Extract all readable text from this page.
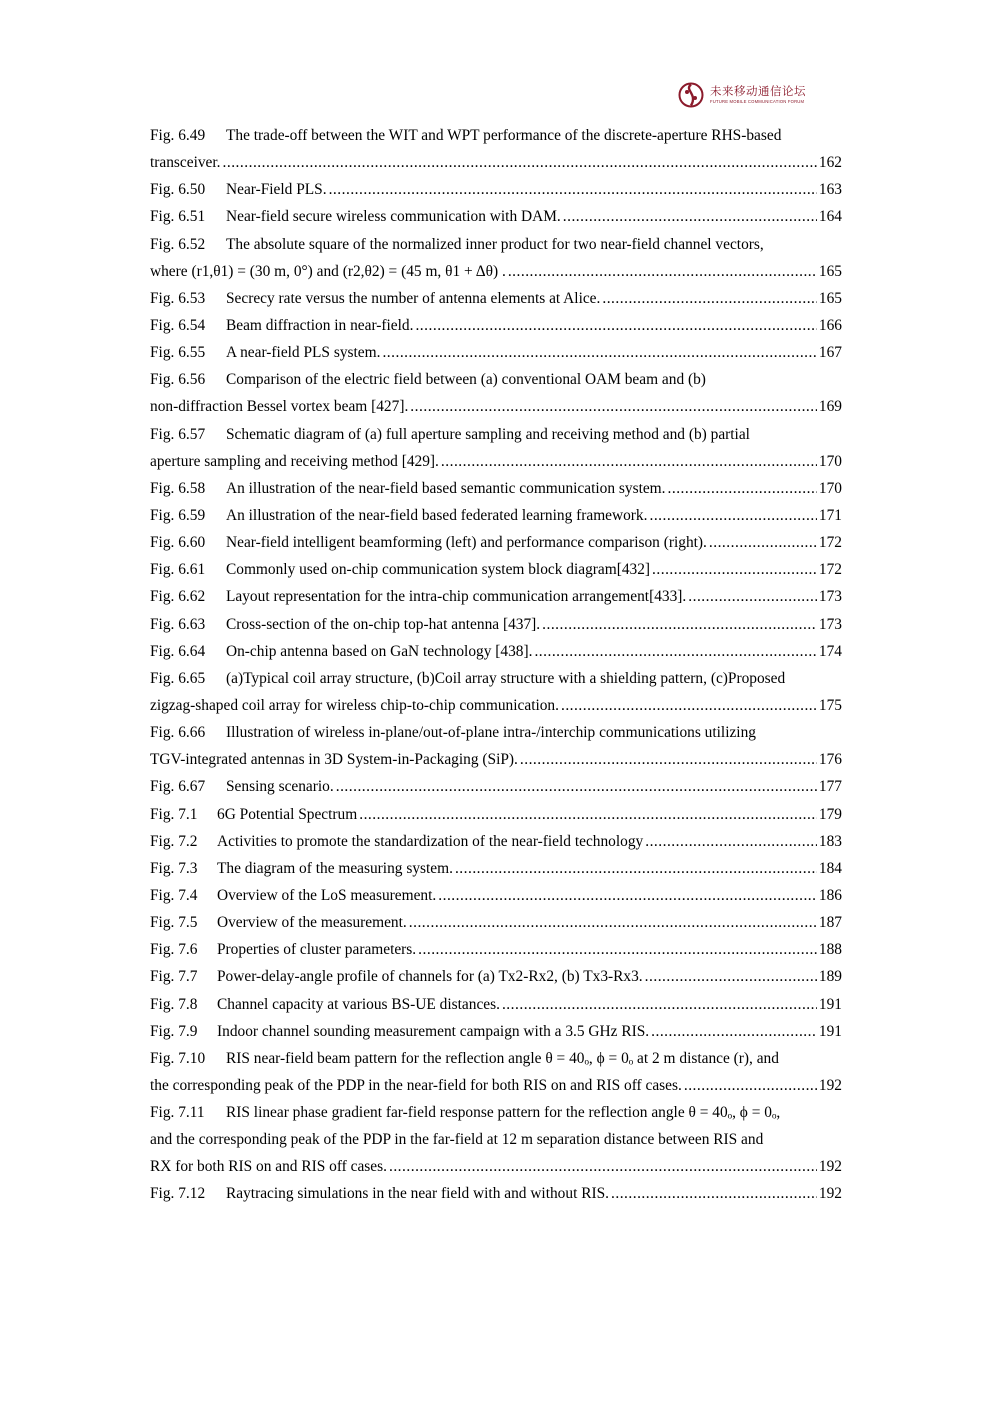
未来移动通信论坛
FUTURE MOBILE COMMUNICATION FORUM
Fig. 6.49 The trade-off between the WIT and WPT performance of the discrete-aperture RHS-based
transceiver. .....	162
Fig. 6.50	Near-Field PLS. .....	163
Fig. 6.51	Near-field secure wireless communication with DAM. .....	164
Fig. 6.52 The absolute square of the normalized inner product for two near-field channel vectors,
where (r1,θ1) = (30 m, 0°) and (r2,θ2) = (45 m, θ1 + Δθ) . .....	165
Fig. 6.53	Secrecy rate versus the number of antenna elements at Alice. .....	165
Fig. 6.54	Beam diffraction in near-field. .....	166
Fig. 6.55	A near-field PLS system. .....	167
Fig. 6.56 Comparison of the electric field between (a) conventional OAM beam and (b)
non-diffraction Bessel vortex beam [427]. .....	169
Fig. 6.57 Schematic diagram of (a) full aperture sampling and receiving method and (b) partial
aperture sampling and receiving method [429]. .....	170
Fig. 6.58	An illustration of the near-field based semantic communication system. .....	170
Fig. 6.59	An illustration of the near-field based federated learning framework. .....	171
Fig. 6.60	Near-field intelligent beamforming (left) and performance comparison (right). .....	172
Fig. 6.61	Commonly used on-chip communication system block diagram[432] .....	172
Fig. 6.62	Layout representation for the intra-chip communication arrangement[433]. .....	173
Fig. 6.63	Cross-section of the on-chip top-hat antenna [437]. .....	173
Fig. 6.64	On-chip antenna based on GaN technology [438]. .....	174
Fig. 6.65 (a)Typical coil array structure, (b)Coil array structure with a shielding pattern, (c)Proposed
zigzag-shaped coil array for wireless chip-to-chip communication. .....	175
Fig. 6.66 Illustration of wireless in-plane/out-of-plane intra-/interchip communications utilizing
TGV-integrated antennas in 3D System-in-Packaging (SiP). .....	176
Fig. 6.67	Sensing scenario. .....	177
Fig. 7.1	6G Potential Spectrum .....	179
Fig. 7.2	Activities to promote the standardization of the near-field technology .....	183
Fig. 7.3	The diagram of the measuring system. .....	184
Fig. 7.4	Overview of the LoS measurement. .....	186
Fig. 7.5	Overview of the measurement. .....	187
Fig. 7.6	Properties of cluster parameters. .....	188
Fig. 7.7	Power-delay-angle profile of channels for (a) Tx2-Rx2, (b) Tx3-Rx3. .....	189
Fig. 7.8	Channel capacity at various BS-UE distances. .....	191
Fig. 7.9	Indoor channel sounding measurement campaign with a 3.5 GHz RIS. .....	191
Fig. 7.10 RIS near-field beam pattern for the reflection angle θ = 40ₒ, ϕ = 0ₒ at 2 m distance (r), and
the corresponding peak of the PDP in the near-field for both RIS on and RIS off cases. .....	192
Fig. 7.11 RIS linear phase gradient far-field response pattern for the reflection angle θ = 40ₒ, ϕ = 0ₒ,
and the corresponding peak of the PDP in the far-field at 12 m separation distance between RIS and
RX for both RIS on and RIS off cases. .....	192
Fig. 7.12	Raytracing simulations in the near field with and without RIS. .....	192
